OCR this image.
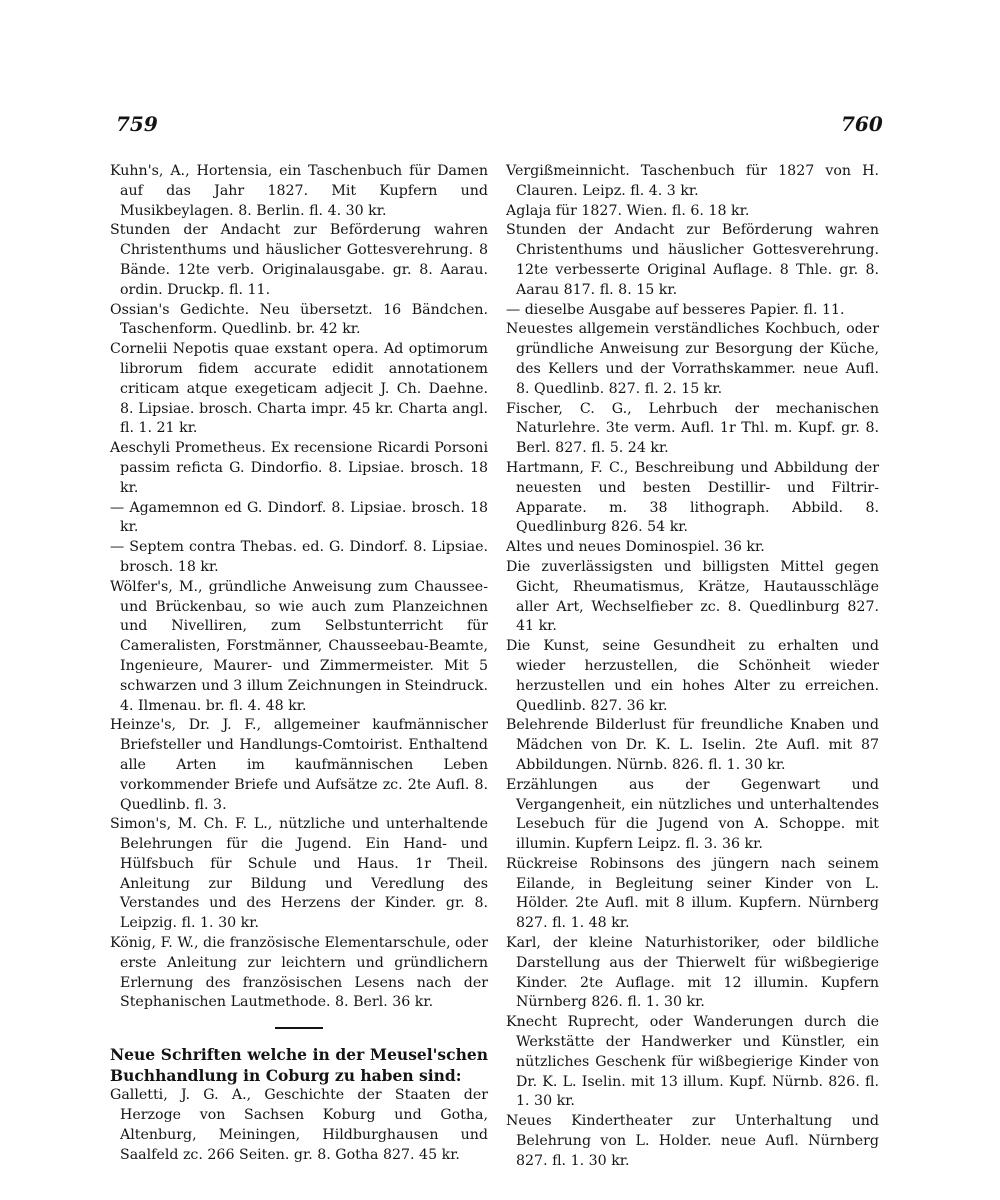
759	760

Kuhn's, A., Hortensia, ein Taschenbuch für Damen auf das Jahr 1827. Mit Kupfern und Musikbeylagen. 8. Berlin. fl. 4. 30 kr.

Stunden der Andacht zur Beförderung wahren Christenthums und häuslicher Gottesverehrung. 8 Bände. 12te verb. Originalausgabe. gr. 8. Aarau. ordin. Druckp. fl. 11.

Ossian's Gedichte. Neu übersetzt. 16 Bändchen. Taschenform. Quedlinb. br. 42 kr.

Cornelii Nepotis quae exstant opera. Ad optimorum librorum fidem accurate edidit annotationem criticam atque exegeticam adjecit J. Ch. Daehne. 8. Lipsiae. brosch. Charta impr. 45 kr. Charta angl. fl. 1. 21 kr.

Aeschyli Prometheus. Ex recensione Ricardi Porsoni passim reficta G. Dindorfio. 8. Lipsiae. brosch. 18 kr.

— Agamemnon ed G. Dindorf. 8. Lipsiae. brosch. 18 kr.

— Septem contra Thebas. ed. G. Dindorf. 8. Lipsiae. brosch. 18 kr.

Wölfer's, M., gründliche Anweisung zum Chaussee- und Brückenbau, so wie auch zum Planzeichnen und Nivelliren, zum Selbstunterricht für Cameralisten, Forstmänner, Chausseebau-Beamte, Ingenieure, Maurer- und Zimmermeister. Mit 5 schwarzen und 3 illum Zeichnungen in Steindruck. 4. Ilmenau. br. fl. 4. 48 kr.

Heinze's, Dr. J. F., allgemeiner kaufmännischer Briefsteller und Handlungs-Comtoirist. Enthaltend alle Arten im kaufmännischen Leben vorkommender Briefe und Aufsätze zc. 2te Aufl. 8. Quedlinb. fl. 3.

Simon's, M. Ch. F. L., nützliche und unterhaltende Belehrungen für die Jugend. Ein Hand- und Hülfsbuch für Schule und Haus. 1r Theil. Anleitung zur Bildung und Veredlung des Verstandes und des Herzens der Kinder. gr. 8. Leipzig. fl. 1. 30 kr.

König, F. W., die französische Elementarschule, oder erste Anleitung zur leichtern und gründlichern Erlernung des französischen Lesens nach der Stephanischen Lautmethode. 8. Berl. 36 kr.

Neue Schriften welche in der Meusel'schen Buchhandlung in Coburg zu haben sind:

Galletti, J. G. A., Geschichte der Staaten der Herzoge von Sachsen Koburg und Gotha, Altenburg, Meiningen, Hildburghausen und Saalfeld zc. 266 Seiten. gr. 8. Gotha 827. 45 kr.

Vergißmeinnicht. Taschenbuch für 1827 von H. Clauren. Leipz. fl. 4. 3 kr.

Aglaja für 1827. Wien. fl. 6. 18 kr.

Stunden der Andacht zur Beförderung wahren Christenthums und häuslicher Gottesverehrung. 12te verbesserte Original Auflage. 8 Thle. gr. 8. Aarau 817. fl. 8. 15 kr.

— dieselbe Ausgabe auf besseres Papier. fl. 11.

Neuestes allgemein verständliches Kochbuch, oder gründliche Anweisung zur Besorgung der Küche, des Kellers und der Vorrathskammer. neue Aufl. 8. Quedlinb. 827. fl. 2. 15 kr.

Fischer, C. G., Lehrbuch der mechanischen Naturlehre. 3te verm. Aufl. 1r Thl. m. Kupf. gr. 8. Berl. 827. fl. 5. 24 kr.

Hartmann, F. C., Beschreibung und Abbildung der neuesten und besten Destillir- und Filtrir-Apparate. m. 38 lithograph. Abbild. 8. Quedlinburg 826. 54 kr.

Altes und neues Dominospiel. 36 kr.

Die zuverlässigsten und billigsten Mittel gegen Gicht, Rheumatismus, Krätze, Hautausschläge aller Art, Wechselfieber zc. 8. Quedlinburg 827. 41 kr.

Die Kunst, seine Gesundheit zu erhalten und wieder herzustellen, die Schönheit wieder herzustellen und ein hohes Alter zu erreichen. Quedlinb. 827. 36 kr.

Belehrende Bilderlust für freundliche Knaben und Mädchen von Dr. K. L. Iselin. 2te Aufl. mit 87 Abbildungen. Nürnb. 826. fl. 1. 30 kr.

Erzählungen aus der Gegenwart und Vergangenheit, ein nützliches und unterhaltendes Lesebuch für die Jugend von A. Schoppe. mit illumin. Kupfern Leipz. fl. 3. 36 kr.

Rückreise Robinsons des jüngern nach seinem Eilande, in Begleitung seiner Kinder von L. Hölder. 2te Aufl. mit 8 illum. Kupfern. Nürnberg 827. fl. 1. 48 kr.

Karl, der kleine Naturhistoriker, oder bildliche Darstellung aus der Thierwelt für wißbegierige Kinder. 2te Auflage. mit 12 illumin. Kupfern Nürnberg 826. fl. 1. 30 kr.

Knecht Ruprecht, oder Wanderungen durch die Werkstätte der Handwerker und Künstler, ein nützliches Geschenk für wißbegierige Kinder von Dr. K. L. Iselin. mit 13 illum. Kupf. Nürnb. 826. fl. 1. 30 kr.

Neues Kindertheater zur Unterhaltung und Belehrung von L. Holder. neue Aufl. Nürnberg 827. fl. 1. 30 kr.
